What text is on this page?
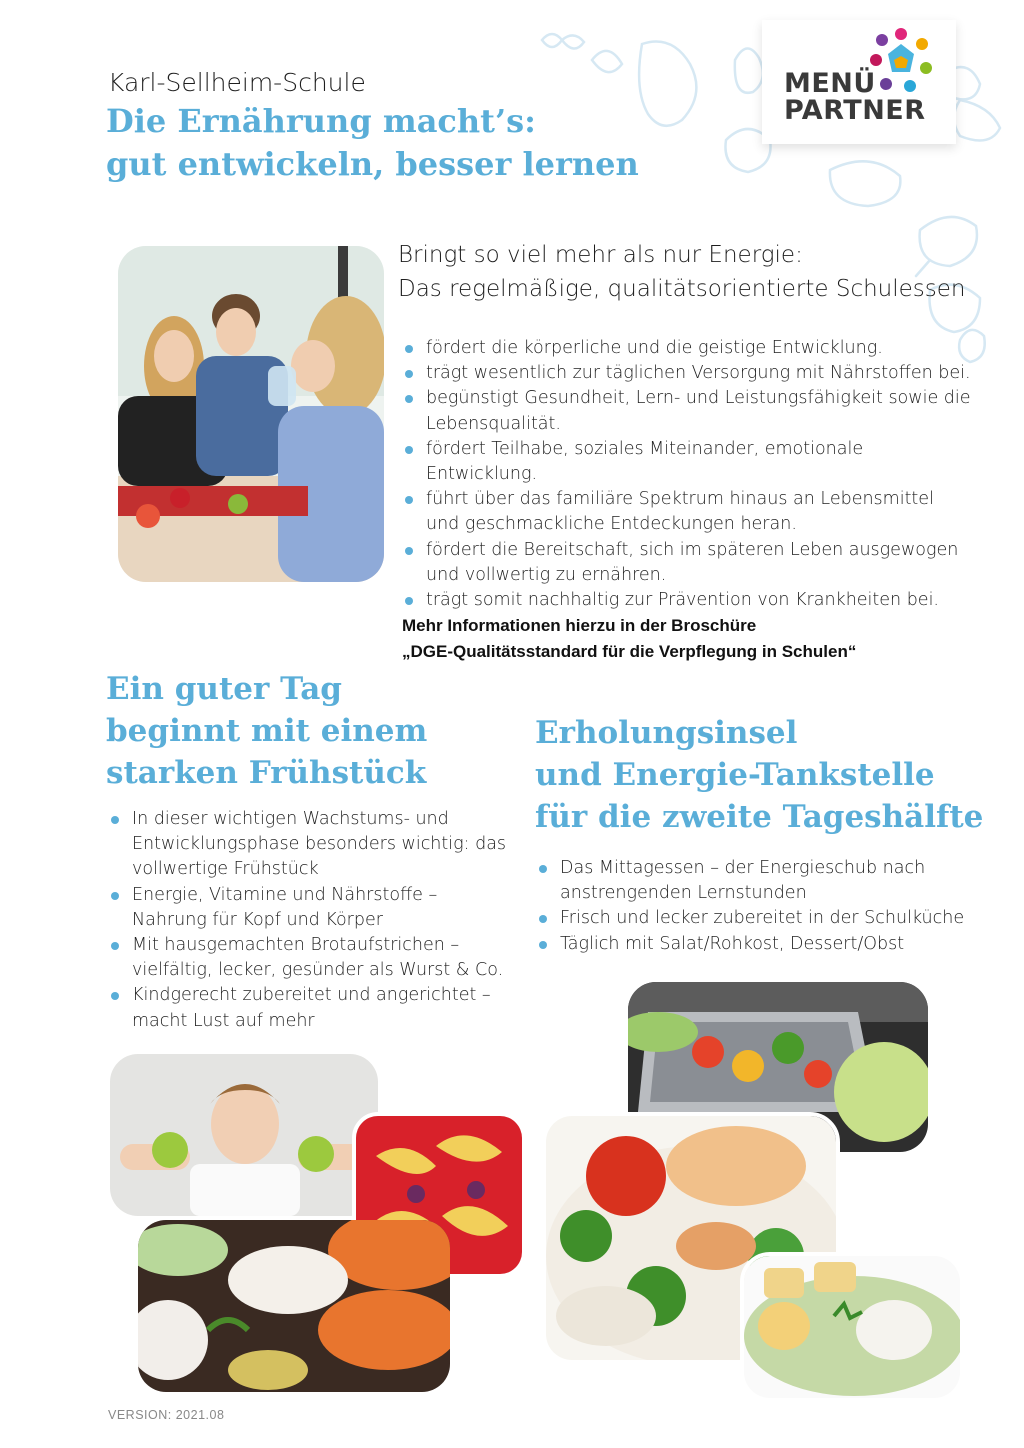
Karl-Sellheim-Schule
Die Ernährung macht’s:
gut entwickeln, besser lernen
MENÜ
PARTNER
Bringt so viel mehr als nur Energie:
Das regelmäßige, qualitätsorientierte Schulessen
fördert die körperliche und die geistige Entwicklung.
trägt wesentlich zur täglichen Versorgung mit Nährstoffen bei.
begünstigt Gesundheit, Lern- und Leistungsfähigkeit sowie die Lebensqualität.
fördert Teilhabe, soziales Miteinander, emotionale Entwicklung.
führt über das familiäre Spektrum hinaus an Lebensmittel und geschmackliche Entdeckungen heran.
fördert die Bereitschaft, sich im späteren Leben ausgewogen und vollwertig zu ernähren.
trägt somit nachhaltig zur Prävention von Krankheiten bei.
Mehr Informationen hierzu in der Broschüre
„DGE-Qualitätsstandard für die Verpflegung in Schulen“
Ein guter Tag
beginnt mit einem
starken Frühstück
In dieser wichtigen Wachstums- und Entwicklungsphase besonders wichtig: das vollwertige Frühstück
Energie, Vitamine und Nährstoffe – Nahrung für Kopf und Körper
Mit hausgemachten Brotaufstrichen – vielfältig, lecker, gesünder als Wurst & Co.
Kindgerecht zubereitet und angerichtet – macht Lust auf mehr
Erholungsinsel
und Energie-Tankstelle
für die zweite Tageshälfte
Das Mittagessen – der Energieschub nach anstrengenden Lernstunden
Frisch und lecker zubereitet in der Schulküche
Täglich mit Salat/Rohkost, Dessert/Obst
VERSION: 2021.08
